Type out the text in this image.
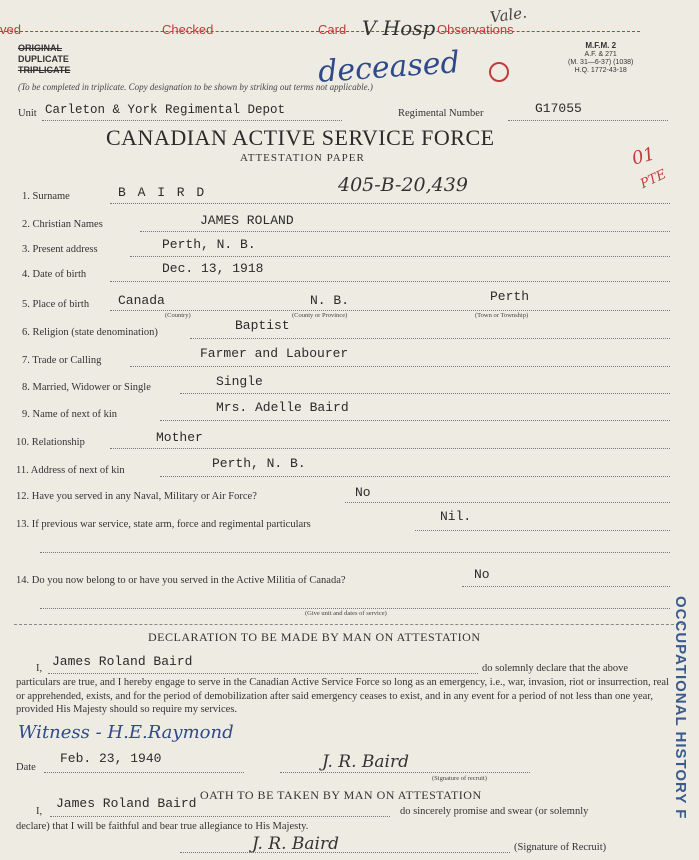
ved	Checked	Card	Observations
V Hosp
Vale.
ORIGINAL
DUPLICATE
TRIPLICATE	deceased	M.F.M. 2
A.F. & 271
(M. 31—6-37) (1038)
H.Q. 1772-43-18
(To be completed in triplicate. Copy designation to be shown by striking out terms not applicable.)
Unit Carleton & York Regimental Depot	Regimental Number	G17055
CANADIAN ACTIVE SERVICE FORCE
ATTESTATION PAPER
405-B-20,439
01
PTE
1. Surname	B A I R D
2. Christian Names	JAMES ROLAND
3. Present address	Perth, N. B.
4. Date of birth	Dec. 13, 1918
5. Place of birth Canada	N. B.	Perth
(Country)	(County or Province)	(Town or Township)
6. Religion (state denomination)	Baptist
7. Trade or Calling	Farmer and Labourer
8. Married, Widower or Single	Single
9. Name of next of kin	Mrs. Adelle Baird
10. Relationship	Mother
11. Address of next of kin	Perth, N. B.
12. Have you served in any Naval, Military or Air Force?	No
13. If previous war service, state arm, force and regimental particulars
Nil.
14. Do you now belong to or have you served in the Active Militia of Canada?	No
(Give unit and dates of service)
DECLARATION TO BE MADE BY MAN ON ATTESTATION
I, James Roland Baird	do solemnly declare that the above
particulars are true, and I hereby engage to serve in the Canadian Active Service Force so long as an emergency, i.e., war, invasion, riot or insurrection, real or apprehended, exists, and for the period of demobilization after said emergency ceases to exist, and in any event for a period of not less than one year, provided His Majesty should so require my services.
Witness - H.E.Raymond
Date
Feb. 23, 1940	J. R. Baird
(Signature of recruit)
OATH TO BE TAKEN BY MAN ON ATTESTATION
I,
James Roland Baird
do sincerely promise and swear (or solemnly
declare) that I will be faithful and bear true allegiance to His Majesty.
J. R. Baird	(Signature of Recruit)
OCCUPATIONAL HISTORY F
